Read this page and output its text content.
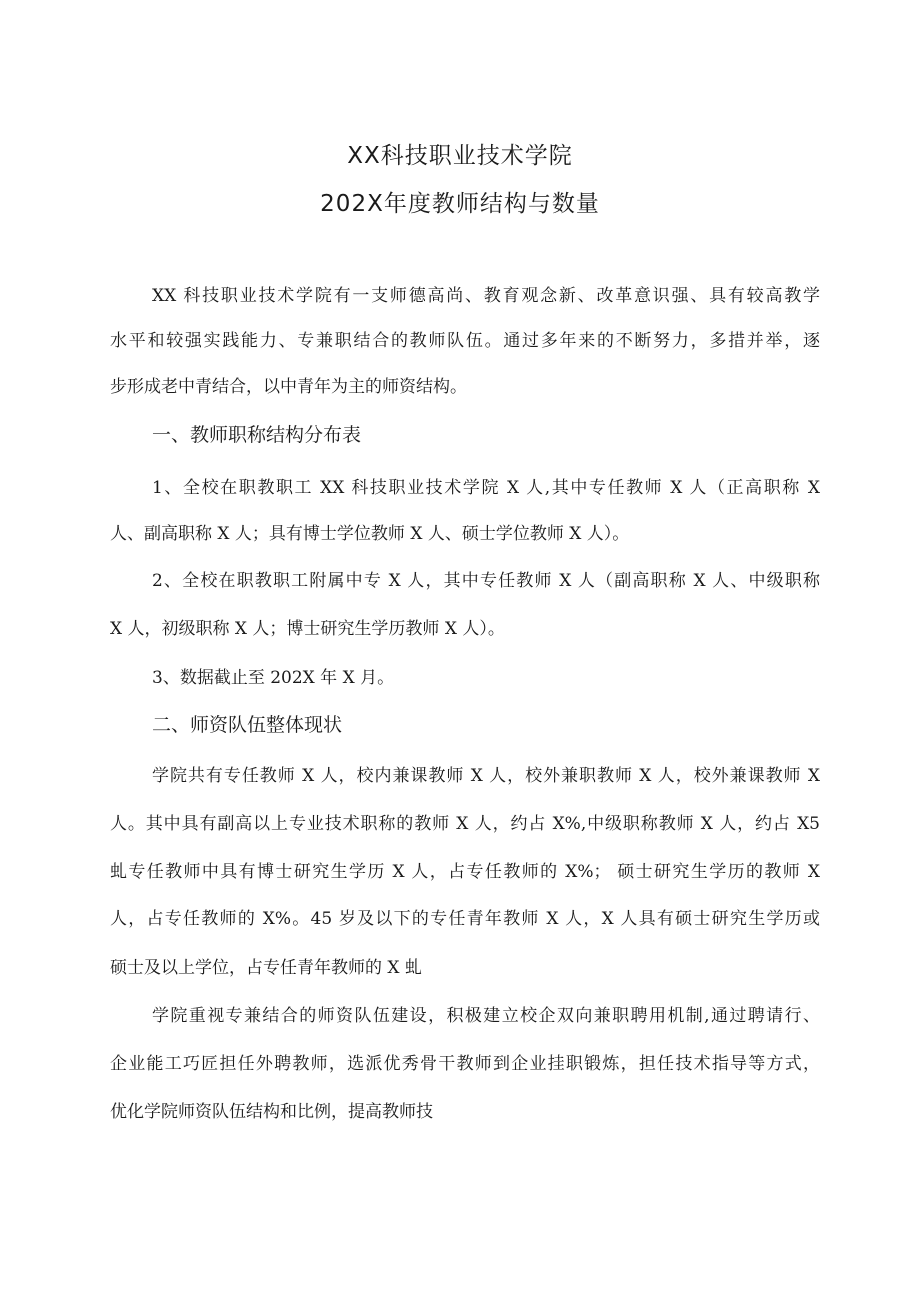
XX科技职业技术学院
202X年度教师结构与数量
XX 科技职业技术学院有一支师德高尚、教育观念新、改革意识强、具有较高教学
水平和较强实践能力、专兼职结合的教师队伍。通过多年来的不断努力，多措并举，逐
步形成老中青结合，以中青年为主的师资结构。
一、教师职称结构分布表
1、全校在职教职工 XX 科技职业技术学院 X 人,其中专任教师 X 人（正高职称 X
人、副高职称 X 人；具有博士学位教师 X 人、硕士学位教师 X 人）。
2、全校在职教职工附属中专 X 人，其中专任教师 X 人（副高职称 X 人、中级职称
X 人，初级职称 X 人；博士研究生学历教师 X 人）。
3、数据截止至 202X 年 X 月。
二、师资队伍整体现状
学院共有专任教师 X 人，校内兼课教师 X 人，校外兼职教师 X 人，校外兼课教师 X
人。其中具有副高以上专业技术职称的教师 X 人，约占 X%,中级职称教师 X 人，约占 X5
虬专任教师中具有博士研究生学历 X 人，占专任教师的 X%； 硕士研究生学历的教师 X
人，占专任教师的 X%。45 岁及以下的专任青年教师 X 人，X 人具有硕士研究生学历或
硕士及以上学位，占专任青年教师的 X 虬
学院重视专兼结合的师资队伍建设，积极建立校企双向兼职聘用机制,通过聘请行、
企业能工巧匠担任外聘教师，选派优秀骨干教师到企业挂职锻炼，担任技术指导等方式，
优化学院师资队伍结构和比例，提高教师技
